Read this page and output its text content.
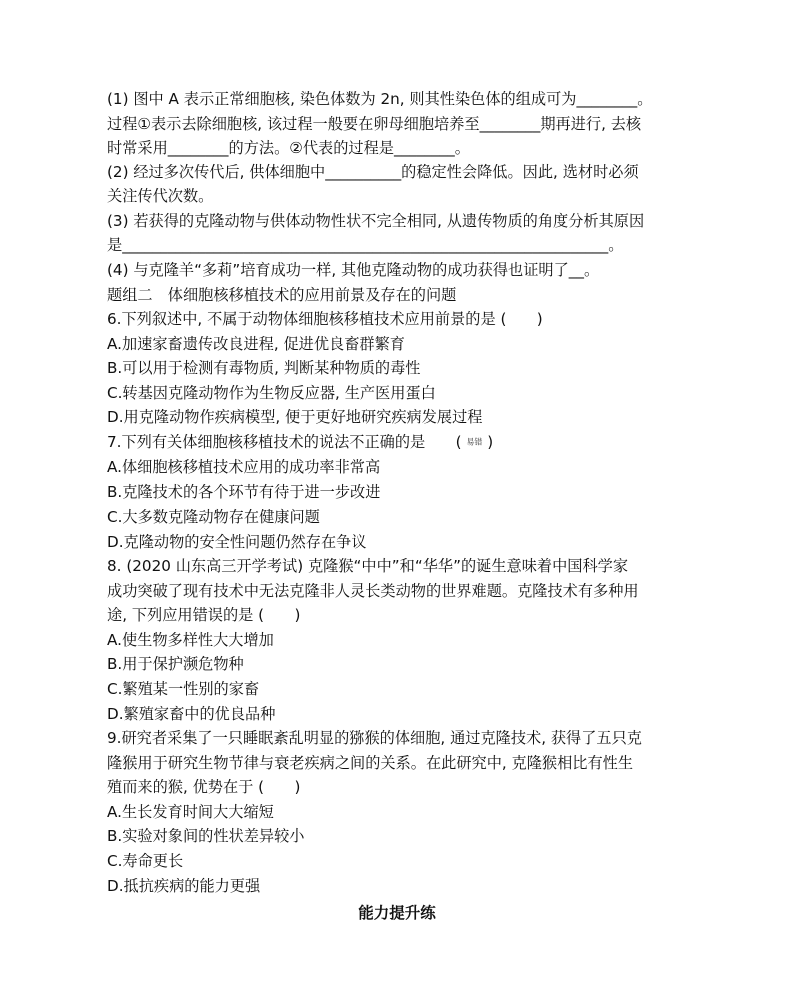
(1) 图中 A 表示正常细胞核, 染色体数为 2n, 则其性染色体的组成可为________。
过程①表示去除细胞核, 该过程一般要在卵母细胞培养至________期再进行, 去核
时常采用________的方法。②代表的过程是________。
(2) 经过多次传代后, 供体细胞中__________的稳定性会降低。因此, 选材时必须
关注传代次数。
(3) 若获得的克隆动物与供体动物性状不完全相同, 从遗传物质的角度分析其原因
是________________________________________________________________。
(4) 与克隆羊“多莉”培育成功一样, 其他克隆动物的成功获得也证明了__。
题组二　体细胞核移植技术的应用前景及存在的问题
6.下列叙述中, 不属于动物体细胞核移植技术应用前景的是 (　　)
A.加速家畜遗传改良进程, 促进优良畜群繁育
B.可以用于检测有毒物质, 判断某种物质的毒性
C.转基因克隆动物作为生物反应器, 生产医用蛋白
D.用克隆动物作疾病模型, 便于更好地研究疾病发展过程
7.下列有关体细胞核移植技术的说法不正确的是　　( 易错 )
A.体细胞核移植技术应用的成功率非常高
B.克隆技术的各个环节有待于进一步改进
C.大多数克隆动物存在健康问题
D.克隆动物的安全性问题仍然存在争议
8. (2020 山东高三开学考试) 克隆猴“中中”和“华华”的诞生意味着中国科学家
成功突破了现有技术中无法克隆非人灵长类动物的世界难题。克隆技术有多种用
途, 下列应用错误的是 (　　)
A.使生物多样性大大增加
B.用于保护濒危物种
C.繁殖某一性别的家畜
D.繁殖家畜中的优良品种
9.研究者采集了一只睡眠紊乱明显的猕猴的体细胞, 通过克隆技术, 获得了五只克
隆猴用于研究生物节律与衰老疾病之间的关系。在此研究中, 克隆猴相比有性生
殖而来的猴, 优势在于 (　　)
A.生长发育时间大大缩短
B.实验对象间的性状差异较小
C.寿命更长
D.抵抗疾病的能力更强
能力提升练
